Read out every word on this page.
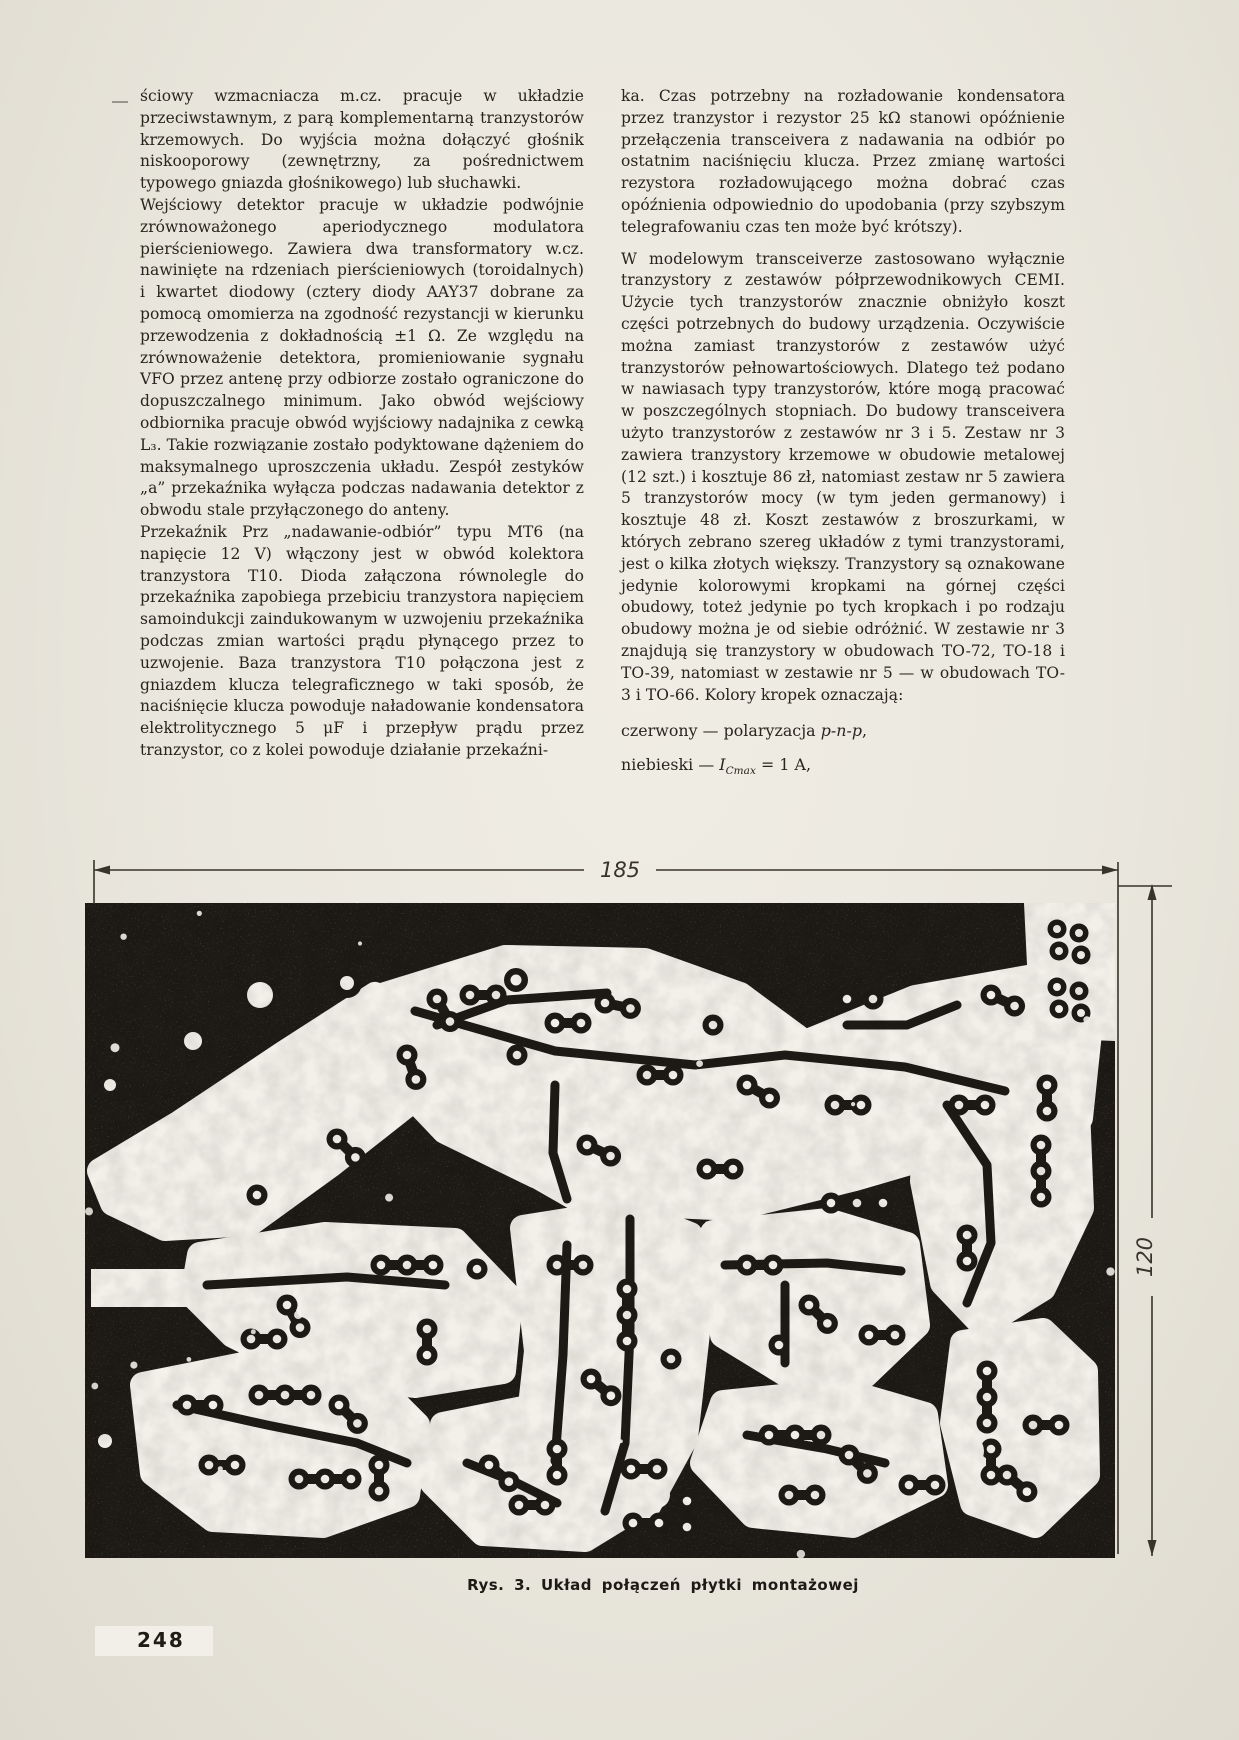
ściowy wzmacniacza m.cz. pracuje w układzie przeciwstawnym, z parą komplementarną tranzystorów krzemowych. Do wyjścia można dołączyć głośnik niskooporowy (zewnętrzny, za pośrednictwem typowego gniazda głośnikowego) lub słuchawki.

Wejściowy detektor pracuje w układzie podwójnie zrównoważonego aperiodycznego modulatora pierścieniowego. Zawiera dwa transformatory w.cz. nawinięte na rdzeniach pierścieniowych (toroidalnych) i kwartet diodowy (cztery diody AAY37 dobrane za pomocą omomierza na zgodność rezystancji w kierunku przewodzenia z dokładnością ±1 Ω. Ze względu na zrównoważenie detektora, promieniowanie sygnału VFO przez antenę przy odbiorze zostało ograniczone do dopuszczalnego minimum. Jako obwód wejściowy odbiornika pracuje obwód wyjściowy nadajnika z cewką L₃. Takie rozwiązanie zostało podyktowane dążeniem do maksymalnego uproszczenia układu. Zespół zestyków „a” przekaźnika wyłącza podczas nadawania detektor z obwodu stale przyłączonego do anteny.

Przekaźnik Prz „nadawanie-odbiór” typu MT6 (na napięcie 12 V) włączony jest w obwód kolektora tranzystora T10. Dioda załączona równolegle do przekaźnika zapobiega przebiciu tranzystora napięciem samoindukcji zaindukowanym w uzwojeniu przekaźnika podczas zmian wartości prądu płynącego przez to uzwojenie. Baza tranzystora T10 połączona jest z gniazdem klucza telegraficznego w taki sposób, że naciśnięcie klucza powoduje naładowanie kondensatora elektrolitycznego 5 μF i przepływ prądu przez tranzystor, co z kolei powoduje działanie przekaźni-

ka. Czas potrzebny na rozładowanie kondensatora przez tranzystor i rezystor 25 kΩ stanowi opóźnienie przełączenia transceivera z nadawania na odbiór po ostatnim naciśnięciu klucza. Przez zmianę wartości rezystora rozładowującego można dobrać czas opóźnienia odpowiednio do upodobania (przy szybszym telegrafowaniu czas ten może być krótszy).

W modelowym transceiverze zastosowano wyłącznie tranzystory z zestawów półprzewodnikowych CEMI. Użycie tych tranzystorów znacznie obniżyło koszt części potrzebnych do budowy urządzenia. Oczywiście można zamiast tranzystorów z zestawów użyć tranzystorów pełnowartościowych. Dlatego też podano w nawiasach typy tranzystorów, które mogą pracować w poszczególnych stopniach. Do budowy transceivera użyto tranzystorów z zestawów nr 3 i 5. Zestaw nr 3 zawiera tranzystory krzemowe w obudowie metalowej (12 szt.) i kosztuje 86 zł, natomiast zestaw nr 5 zawiera 5 tranzystorów mocy (w tym jeden germanowy) i kosztuje 48 zł. Koszt zestawów z broszurkami, w których zebrano szereg układów z tymi tranzystorami, jest o kilka złotych większy. Tranzystory są oznakowane jedynie kolorowymi kropkami na górnej części obudowy, toteż jedynie po tych kropkach i po rodzaju obudowy można je od siebie odróżnić. W zestawie nr 3 znajdują się tranzystory w obudowach TO-72, TO-18 i TO-39, natomiast w zestawie nr 5 — w obudowach TO-3 i TO-66. Kolory kropek oznaczają:

czerwony — polaryzacja p-n-p,
niebieski — $I_{Cmax} = 1$ A,
185
120
Rys. 3. Układ połączeń płytki montażowej
248
